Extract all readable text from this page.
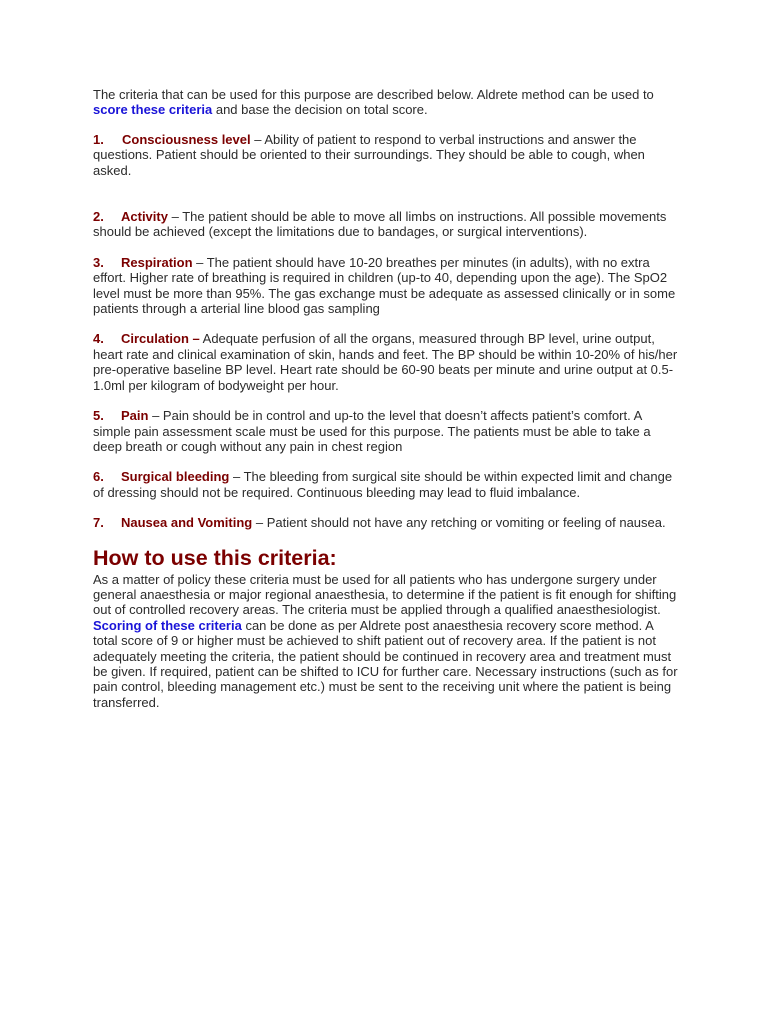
The criteria that can be used for this purpose are described below. Aldrete method can be used to score these criteria and base the decision on total score.

1. Consciousness level – Ability of patient to respond to verbal instructions and answer the questions. Patient should be oriented to their surroundings. They should be able to cough, when asked.

2. Activity – The patient should be able to move all limbs on instructions. All possible movements should be achieved (except the limitations due to bandages, or surgical interventions).

3. Respiration – The patient should have 10-20 breathes per minutes (in adults), with no extra effort. Higher rate of breathing is required in children (up-to 40, depending upon the age). The SpO2 level must be more than 95%. The gas exchange must be adequate as assessed clinically or in some patients through a arterial line blood gas sampling

4. Circulation – Adequate perfusion of all the organs, measured through BP level, urine output, heart rate and clinical examination of skin, hands and feet. The BP should be within 10-20% of his/her pre-operative baseline BP level. Heart rate should be 60-90 beats per minute and urine output at 0.5-1.0ml per kilogram of bodyweight per hour.

5. Pain – Pain should be in control and up-to the level that doesn’t affects patient’s comfort. A simple pain assessment scale must be used for this purpose. The patients must be able to take a deep breath or cough without any pain in chest region

6. Surgical bleeding – The bleeding from surgical site should be within expected limit and change of dressing should not be required. Continuous bleeding may lead to fluid imbalance.

7. Nausea and Vomiting – Patient should not have any retching or vomiting or feeling of nausea.

How to use this criteria:

As a matter of policy these criteria must be used for all patients who has undergone surgery under general anaesthesia or major regional anaesthesia, to determine if the patient is fit enough for shifting out of controlled recovery areas. The criteria must be applied through a qualified anaesthesiologist. Scoring of these criteria can be done as per Aldrete post anaesthesia recovery score method. A total score of 9 or higher must be achieved to shift patient out of recovery area. If the patient is not adequately meeting the criteria, the patient should be continued in recovery area and treatment must be given. If required, patient can be shifted to ICU for further care. Necessary instructions (such as for pain control, bleeding management etc.) must be sent to the receiving unit where the patient is being transferred.
